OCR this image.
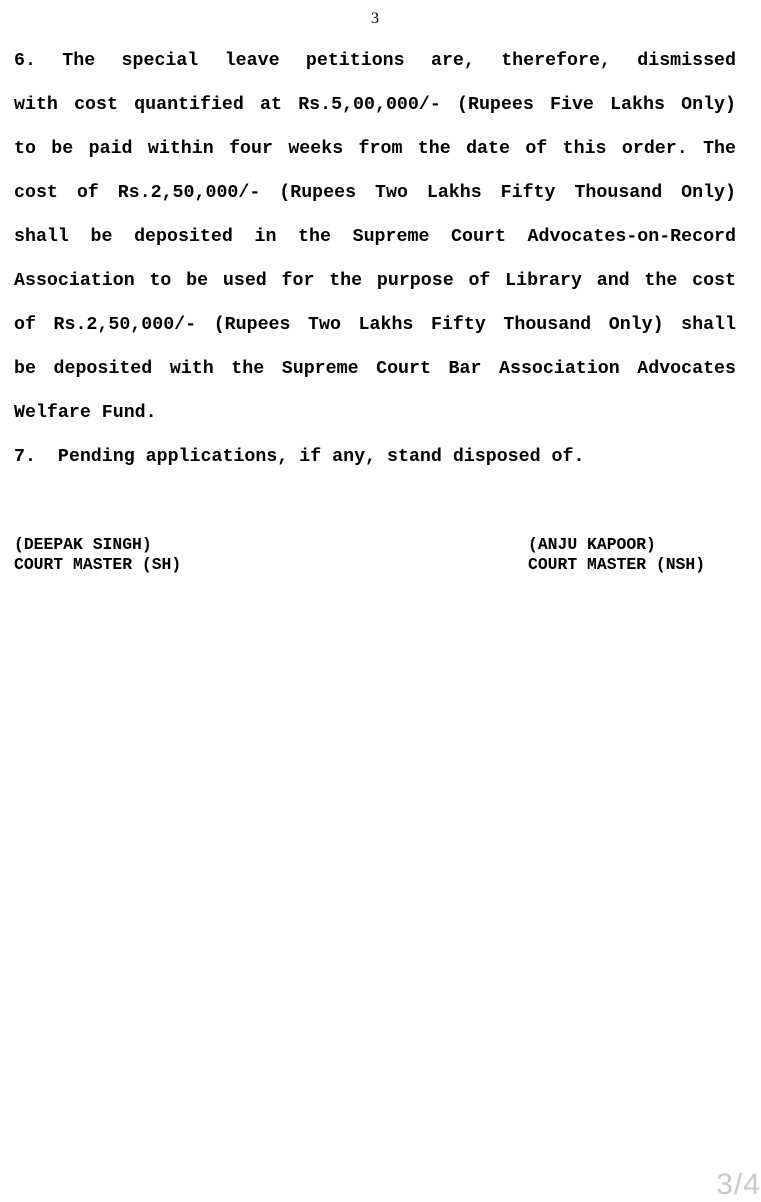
3
6. The special leave petitions are, therefore, dismissed
with cost quantified at Rs.5,00,000/- (Rupees Five Lakhs Only)
to be paid within four weeks from the date of this order. The
cost of Rs.2,50,000/- (Rupees Two Lakhs Fifty Thousand Only)
shall be deposited in the Supreme Court Advocates-on-Record
Association to be used for the purpose of Library and the cost
of Rs.2,50,000/- (Rupees Two Lakhs Fifty Thousand Only) shall
be deposited with the Supreme Court Bar Association Advocates
Welfare Fund.
7.  Pending applications, if any, stand disposed of.
(DEEPAK SINGH)
COURT MASTER (SH)
(ANJU KAPOOR)
COURT MASTER (NSH)
3/4
